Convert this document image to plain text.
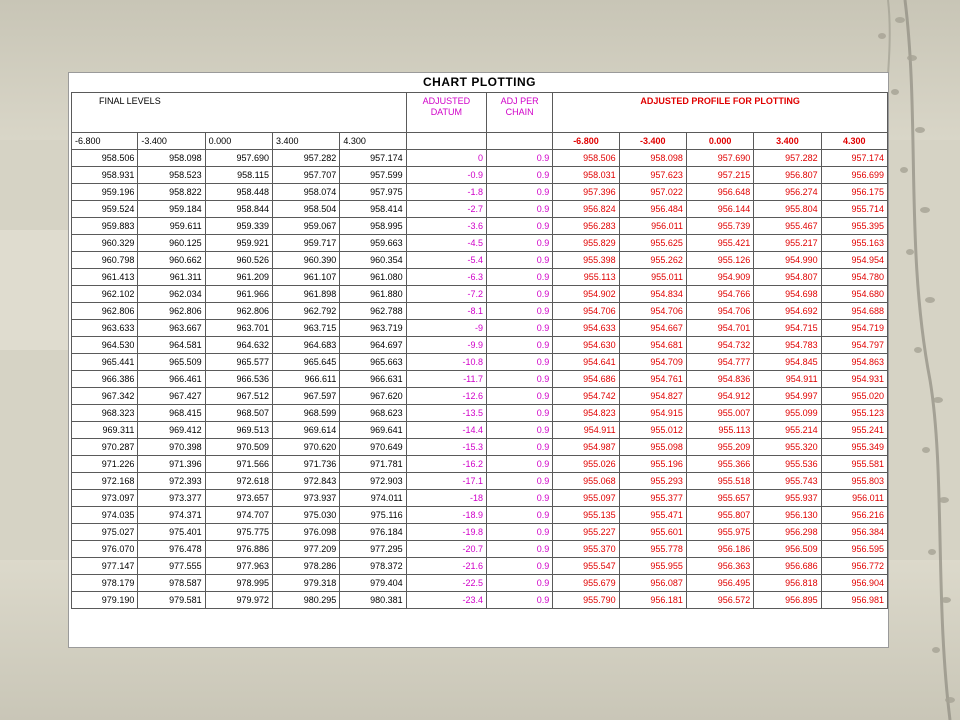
CHART PLOTTING
FINAL LEVELS					ADJUSTED DATUM	ADJ PER CHAIN	ADJUSTED PROFILE FOR PLOTTING				
-6.800	-3.400	0.000	3.400	4.300			-6.800	-3.400	0.000	3.400	4.300
958.506	958.098	957.690	957.282	957.174	0	0.9	958.506	958.098	957.690	957.282	957.174
958.931	958.523	958.115	957.707	957.599	-0.9	0.9	958.031	957.623	957.215	956.807	956.699
959.196	958.822	958.448	958.074	957.975	-1.8	0.9	957.396	957.022	956.648	956.274	956.175
959.524	959.184	958.844	958.504	958.414	-2.7	0.9	956.824	956.484	956.144	955.804	955.714
959.883	959.611	959.339	959.067	958.995	-3.6	0.9	956.283	956.011	955.739	955.467	955.395
960.329	960.125	959.921	959.717	959.663	-4.5	0.9	955.829	955.625	955.421	955.217	955.163
960.798	960.662	960.526	960.390	960.354	-5.4	0.9	955.398	955.262	955.126	954.990	954.954
961.413	961.311	961.209	961.107	961.080	-6.3	0.9	955.113	955.011	954.909	954.807	954.780
962.102	962.034	961.966	961.898	961.880	-7.2	0.9	954.902	954.834	954.766	954.698	954.680
962.806	962.806	962.806	962.792	962.788	-8.1	0.9	954.706	954.706	954.706	954.692	954.688
963.633	963.667	963.701	963.715	963.719	-9	0.9	954.633	954.667	954.701	954.715	954.719
964.530	964.581	964.632	964.683	964.697	-9.9	0.9	954.630	954.681	954.732	954.783	954.797
965.441	965.509	965.577	965.645	965.663	-10.8	0.9	954.641	954.709	954.777	954.845	954.863
966.386	966.461	966.536	966.611	966.631	-11.7	0.9	954.686	954.761	954.836	954.911	954.931
967.342	967.427	967.512	967.597	967.620	-12.6	0.9	954.742	954.827	954.912	954.997	955.020
968.323	968.415	968.507	968.599	968.623	-13.5	0.9	954.823	954.915	955.007	955.099	955.123
969.311	969.412	969.513	969.614	969.641	-14.4	0.9	954.911	955.012	955.113	955.214	955.241
970.287	970.398	970.509	970.620	970.649	-15.3	0.9	954.987	955.098	955.209	955.320	955.349
971.226	971.396	971.566	971.736	971.781	-16.2	0.9	955.026	955.196	955.366	955.536	955.581
972.168	972.393	972.618	972.843	972.903	-17.1	0.9	955.068	955.293	955.518	955.743	955.803
973.097	973.377	973.657	973.937	974.011	-18	0.9	955.097	955.377	955.657	955.937	956.011
974.035	974.371	974.707	975.030	975.116	-18.9	0.9	955.135	955.471	955.807	956.130	956.216
975.027	975.401	975.775	976.098	976.184	-19.8	0.9	955.227	955.601	955.975	956.298	956.384
976.070	976.478	976.886	977.209	977.295	-20.7	0.9	955.370	955.778	956.186	956.509	956.595
977.147	977.555	977.963	978.286	978.372	-21.6	0.9	955.547	955.955	956.363	956.686	956.772
978.179	978.587	978.995	979.318	979.404	-22.5	0.9	955.679	956.087	956.495	956.818	956.904
979.190	979.581	979.972	980.295	980.381	-23.4	0.9	955.790	956.181	956.572	956.895	956.981
